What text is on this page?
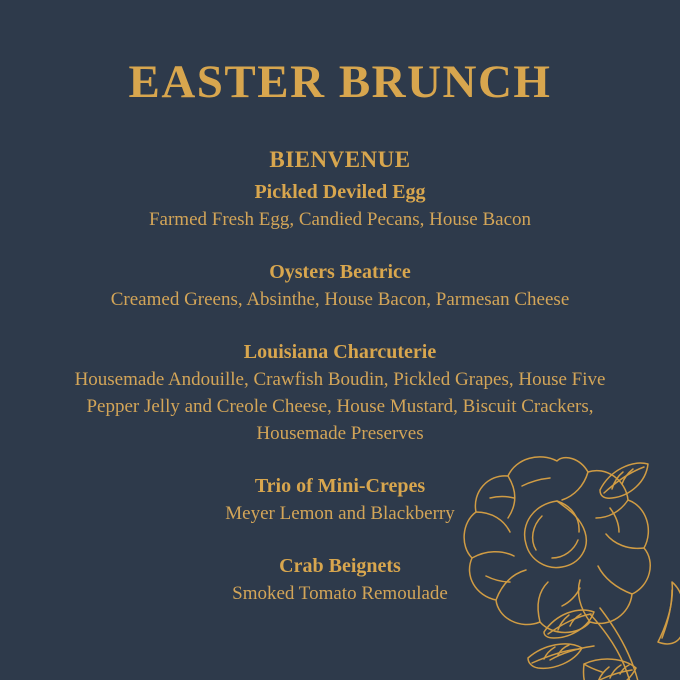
EASTER BRUNCH
BIENVENUE
Pickled Deviled Egg
Farmed Fresh Egg, Candied Pecans, House Bacon
Oysters Beatrice
Creamed Greens, Absinthe, House Bacon, Parmesan Cheese
Louisiana Charcuterie
Housemade Andouille, Crawfish Boudin, Pickled Grapes, House Five Pepper Jelly and Creole Cheese, House Mustard, Biscuit Crackers, Housemade Preserves
Trio of Mini-Crepes
Meyer Lemon and Blackberry
Crab Beignets
Smoked Tomato Remoulade
